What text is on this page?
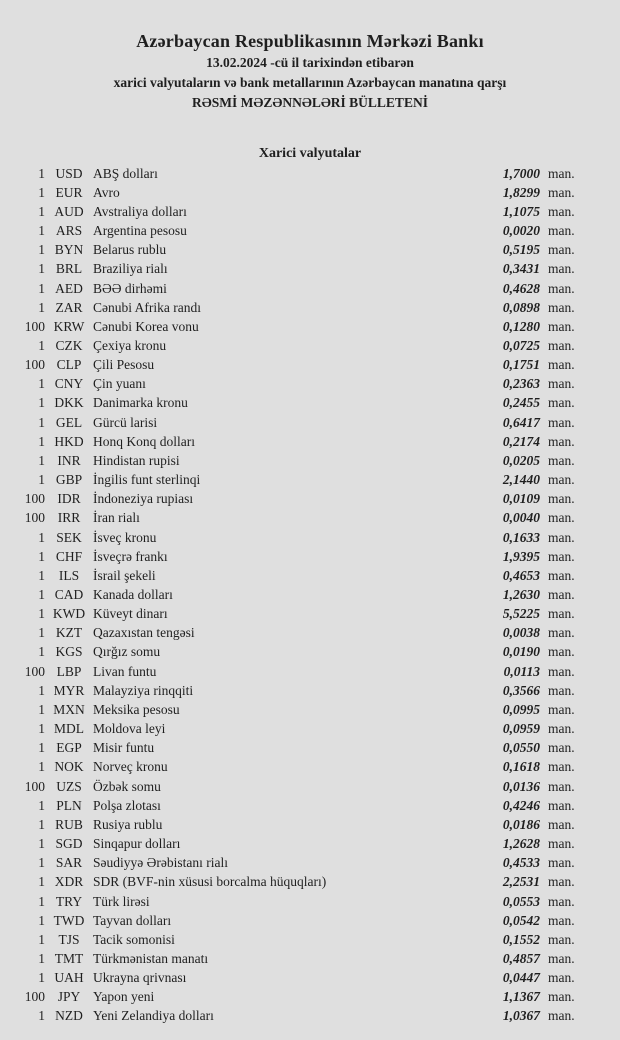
Azərbaycan Respublikasının Mərkəzi Bankı
13.02.2024 -cü il tarixindən etibarən
xarici valyutaların və bank metallarının Azərbaycan manatına qarşı
RƏSMİ MƏZƏNNƏLƏRİ BÜLLETENİ
Xarici valyutalar
1 USD ABŞ dolları	1,7000 man.
1 EUR Avro	1,8299 man.
1 AUD Avstraliya dolları	1,1075 man.
1 ARS Argentina pesosu	0,0020 man.
1 BYN Belarus rublu	0,5195 man.
1 BRL Braziliya rialı	0,3431 man.
1 AED BƏƏ dirhəmi	0,4628 man.
1 ZAR Cənubi Afrika randı	0,0898 man.
100 KRW Cənubi Korea vonu	0,1280 man.
1 CZK Çexiya kronu	0,0725 man.
100 CLP Çili Pesosu	0,1751 man.
1 CNY Çin yuanı	0,2363 man.
1 DKK Danimarka kronu	0,2455 man.
1 GEL Gürcü larisi	0,6417 man.
1 HKD Honq Konq dolları	0,2174 man.
1 INR Hindistan rupisi	0,0205 man.
1 GBP İngilis funt sterlinqi	2,1440 man.
100 IDR İndoneziya rupiası	0,0109 man.
100 IRR İran rialı	0,0040 man.
1 SEK İsveç kronu	0,1633 man.
1 CHF İsveçrə frankı	1,9395 man.
1	ILS	İsrail şekeli	0,4653 man.
1 CAD Kanada dolları	1,2630 man.
1 KWD Küveyt dinarı	5,5225 man.
1 KZT Qazaxıstan tengəsi	0,0038 man.
1 KGS Qırğız somu	0,0190 man.
100 LBP Livan funtu	0,0113 man.
1 MYR Malayziya rinqqiti	0,3566 man.
1 MXN Meksika pesosu	0,0995 man.
1 MDL Moldova leyi	0,0959 man.
1 EGP Misir funtu	0,0550 man.
1 NOK Norveç kronu	0,1618 man.
100 UZS Özbək somu	0,0136 man.
1 PLN Polşa zlotası	0,4246 man.
1 RUB Rusiya rublu	0,0186 man.
1 SGD Sinqapur dolları	1,2628 man.
1 SAR Səudiyyə Ərəbistanı rialı	0,4533 man.
1 XDR SDR (BVF-nin xüsusi borcalma hüquqları)	2,2531 man.
1 TRY Türk lirəsi	0,0553 man.
1 TWD Tayvan dolları	0,0542 man.
1 TJS	Tacik somonisi	0,1552 man.
1 TMT Türkmənistan manatı	0,4857 man.
1 UAH Ukrayna qrivnası	0,0447 man.
100 JPY Yapon yeni	1,1367 man.
1 NZD Yeni Zelandiya dolları	1,0367 man.
